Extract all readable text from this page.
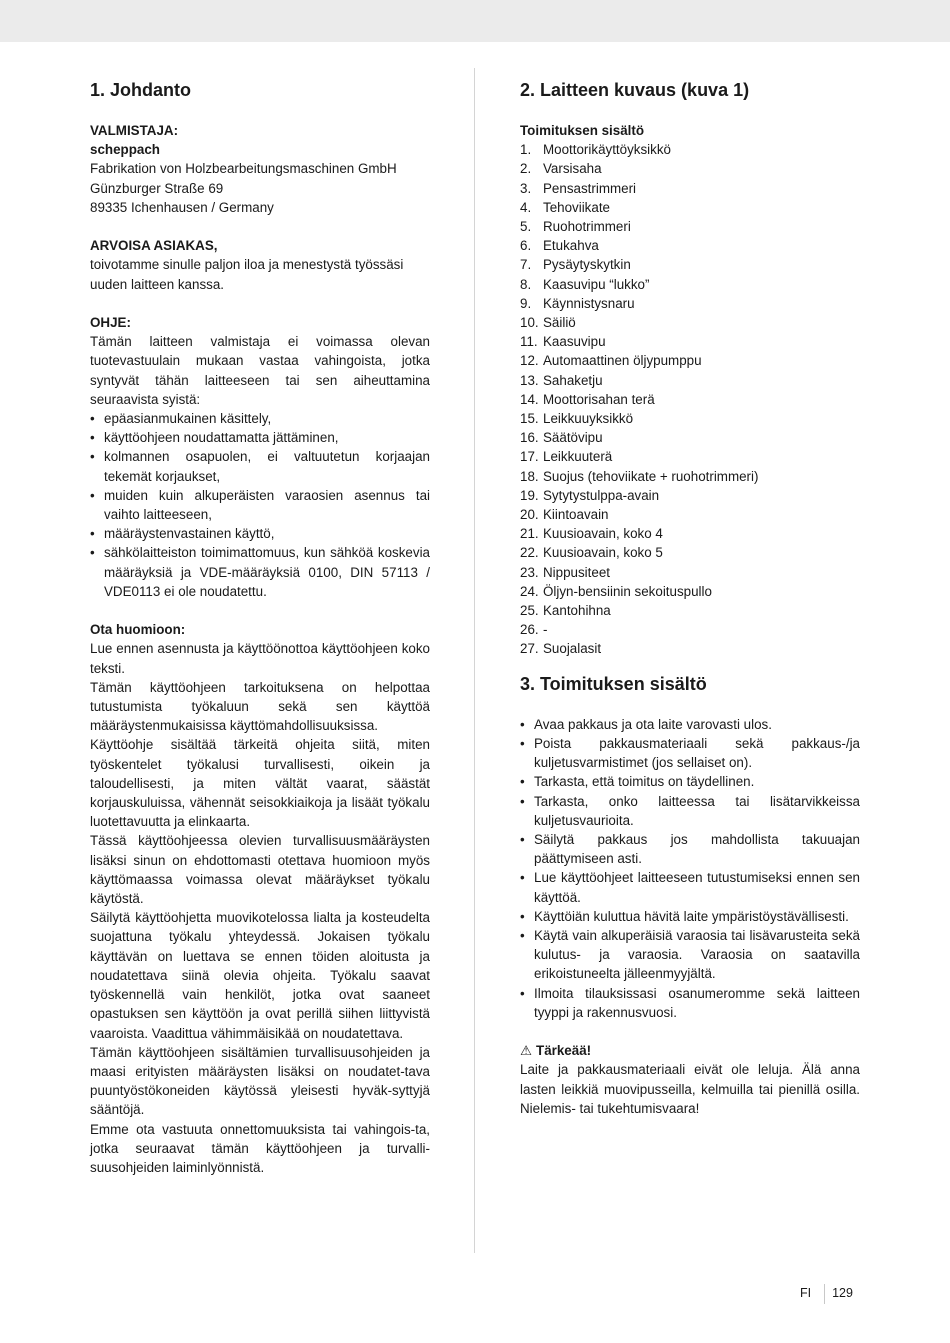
1. Johdanto

VALMISTAJA:

scheppach

Fabrikation von Holzbearbeitungsmaschinen GmbH

Günzburger Straße 69

89335 Ichenhausen / Germany

ARVOISA ASIAKAS,

toivotamme sinulle paljon iloa ja menestystä työssäsi uuden laitteen kanssa.

OHJE:

Tämän laitteen valmistaja ei voimassa olevan tuotevastuulain mukaan vastaa vahingoista, jotka syntyvät tähän laitteeseen tai sen aiheuttamina seuraavista syistä:

• epäasianmukainen käsittely,
• käyttöohjeen noudattamatta jättäminen,
• kolmannen osapuolen, ei valtuutetun korjaajan tekemät korjaukset,
• muiden kuin alkuperäisten varaosien asennus tai vaihto laitteeseen,
• määräystenvastainen käyttö,
• sähkölaitteiston toimimattomuus, kun sähköä koskevia määräyksiä ja VDE-määräyksiä 0100, DIN 57113 / VDE0113 ei ole noudatettu.

Ota huomioon:

Lue ennen asennusta ja käyttöönottoa käyttöohjeen koko teksti.

Tämän käyttöohjeen tarkoituksena on helpottaa tutustumista työkaluun sekä sen käyttöä määräystenmukaisissa käyttömahdollisuuksissa.

Käyttöohje sisältää tärkeitä ohjeita siitä, miten työskentelet työkalusi turvallisesti, oikein ja taloudellisesti, ja miten vältät vaarat, säästät korjauskuluissa, vähennät seisokkiaikoja ja lisäät työkalu luotettavuutta ja elinkaarta.

Tässä käyttöohjeessa olevien turvallisuusmääräysten lisäksi sinun on ehdottomasti otettava huomioon myös käyttömaassa voimassa olevat määräykset työkalu käytöstä.

Säilytä käyttöohjetta muovikotelossa lialta ja kosteudelta suojattuna työkalu yhteydessä. Jokaisen työkalu käyttävän on luettava se ennen töiden aloitusta ja noudatettava siinä olevia ohjeita. Työkalu saavat työskennellä vain henkilöt, jotka ovat saaneet opastuksen sen käyttöön ja ovat perillä siihen liittyvistä vaaroista. Vaadittua vähimmäisikää on noudatettava.

Tämän käyttöohjeen sisältämien turvallisuusohjeiden ja maasi erityisten määräysten lisäksi on noudatet-tava puuntyöstökoneiden käytössä yleisesti hyväk-syttyjä sääntöjä.

Emme ota vastuuta onnettomuuksista tai vahingois-ta, jotka seuraavat tämän käyttöohjeen ja turvalli-suusohjeiden laiminlyönnistä.

2. Laitteen kuvaus (kuva 1)

Toimituksen sisältö

1. Moottorikäyttöyksikkö
2. Varsisaha
3. Pensastrimmeri
4. Tehoviikate
5. Ruohotrimmeri
6. Etukahva
7. Pysäytyskytkin
8. Kaasuvipu “lukko”
9. Käynnistysnaru
10. Säiliö
11. Kaasuvipu
12. Automaattinen öljypumppu
13. Sahaketju
14. Moottorisahan terä
15. Leikkuuyksikkö
16. Säätövipu
17. Leikkuuterä
18. Suojus (tehoviikate + ruohotrimmeri)
19. Sytytystulppa-avain
20. Kiintoavain
21. Kuusioavain, koko 4
22. Kuusioavain, koko 5
23. Nippusiteet
24. Öljyn-bensiinin sekoituspullo
25. Kantohihna
26. -
27. Suojalasit
3. Toimituksen sisältö
• Avaa pakkaus ja ota laite varovasti ulos.
• Poista pakkausmateriaali sekä pakkaus-/ja kuljetusvarmistimet (jos sellaiset on).
• Tarkasta, että toimitus on täydellinen.
• Tarkasta, onko laitteessa tai lisätarvikkeissa kuljetusvaurioita.
• Säilytä pakkaus jos mahdollista takuuajan päättymiseen asti.
• Lue käyttöohjeet laitteeseen tutustumiseksi ennen sen käyttöä.
• Käyttöiän kuluttua hävitä laite ympäristöystävällisesti.
• Käytä vain alkuperäisiä varaosia tai lisävarusteita sekä kulutus- ja varaosia. Varaosia on saatavilla erikoistuneelta jälleenmyyjältä.
• Ilmoita tilauksissasi osanumeromme sekä laitteen tyyppi ja rakennusvuosi.

⚠ Tärkeää!

Laite ja pakkausmateriaali eivät ole leluja. Älä anna lasten leikkiä muovipusseilla, kelmuilla tai pienillä osilla. Nielemis- tai tukehtumisvaara!

FI 129
